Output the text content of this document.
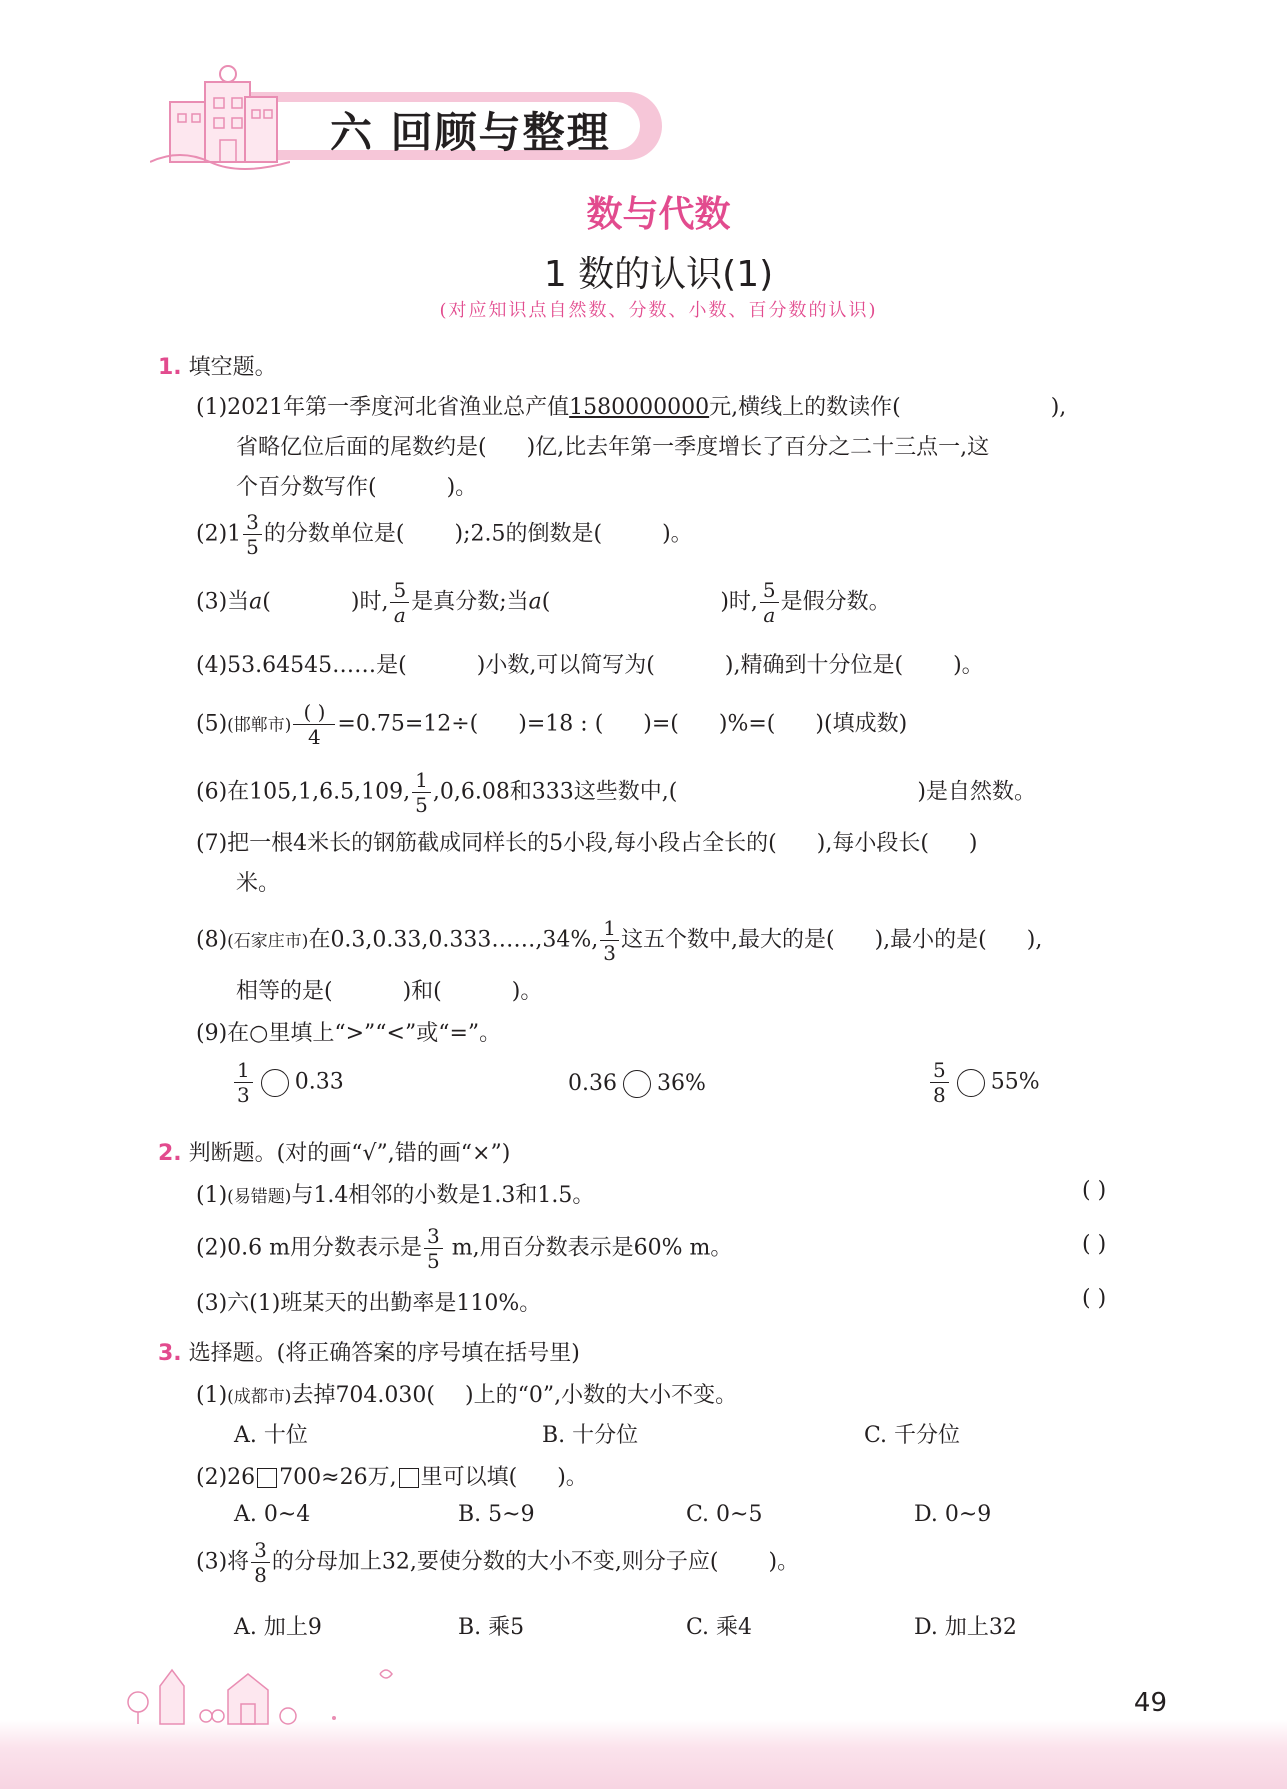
六 回顾与整理
数与代数
1 数的认识(1)
(对应知识点自然数、分数、小数、百分数的认识)
1. 填空题。
(1)2021年第一季度河北省渔业总产值1580000000元,横线上的数读作(	),
省略亿位后面的尾数约是( )亿,比去年第一季度增长了百分之二十三点一,这
个百分数写作(	)。
$(2)1 \frac{3}{5}$ 的分数单位是( );2.5的倒数是(	)。
(3)当a(	)时, $\frac{5}{a}$ 是真分数;当a(	)时, $\frac{5}{a}$ 是假分数。
(4)53.64545……是(	)小数,可以简写为(	),精确到十分位是( )。
(5)(邯郸市) $\frac{( )}{4} =0.75=12\div$( )=18 : ( )=( )%=( )(填成数)
(6)在105,1,6.5,109, $\frac{1}{5} ,0,6.08$和333这些数中,(	)是自然数。
(7)把一根4米长的钢筋截成同样长的5小段,每小段占全长的( ),每小段长( )
米。
(8)(石家庄市)在0.3,0.33,0.333……,34%, $\frac{1}{3}$ 这五个数中,最大的是( ),最小的是( ),
相等的是(	)和(	)。
(9)在○里填上“>”“<”或“=”。
$\frac{1}{3} 0.33$	0.36 36%	$\frac{5}{8} 55\%$
2. 判断题。(对的画“√”,错的画“×”)
(1)(易错题)与1.4相邻的小数是1.3和1.5。	( )
(2)0.6 m用分数表示是 $\frac{3}{5} m$,用百分数表示是60% m。	( )
(3)六(1)班某天的出勤率是110%。	( )
3. 选择题。(将正确答案的序号填在括号里)
(1)(成都市)去掉704.030( )上的“0”,小数的大小不变。
A. 十位	B. 十分位	C. 千分位
(2)26 700≈26万, 里可以填( )。
A. 0~4	B. 5~9	C. 0~5	D. 0~9
(3)将 $\frac{3}{8}$ 的分母加上32,要使分数的大小不变,则分子应( )。
A. 加上9	B. 乘5	C. 乘4	D. 加上32
49
